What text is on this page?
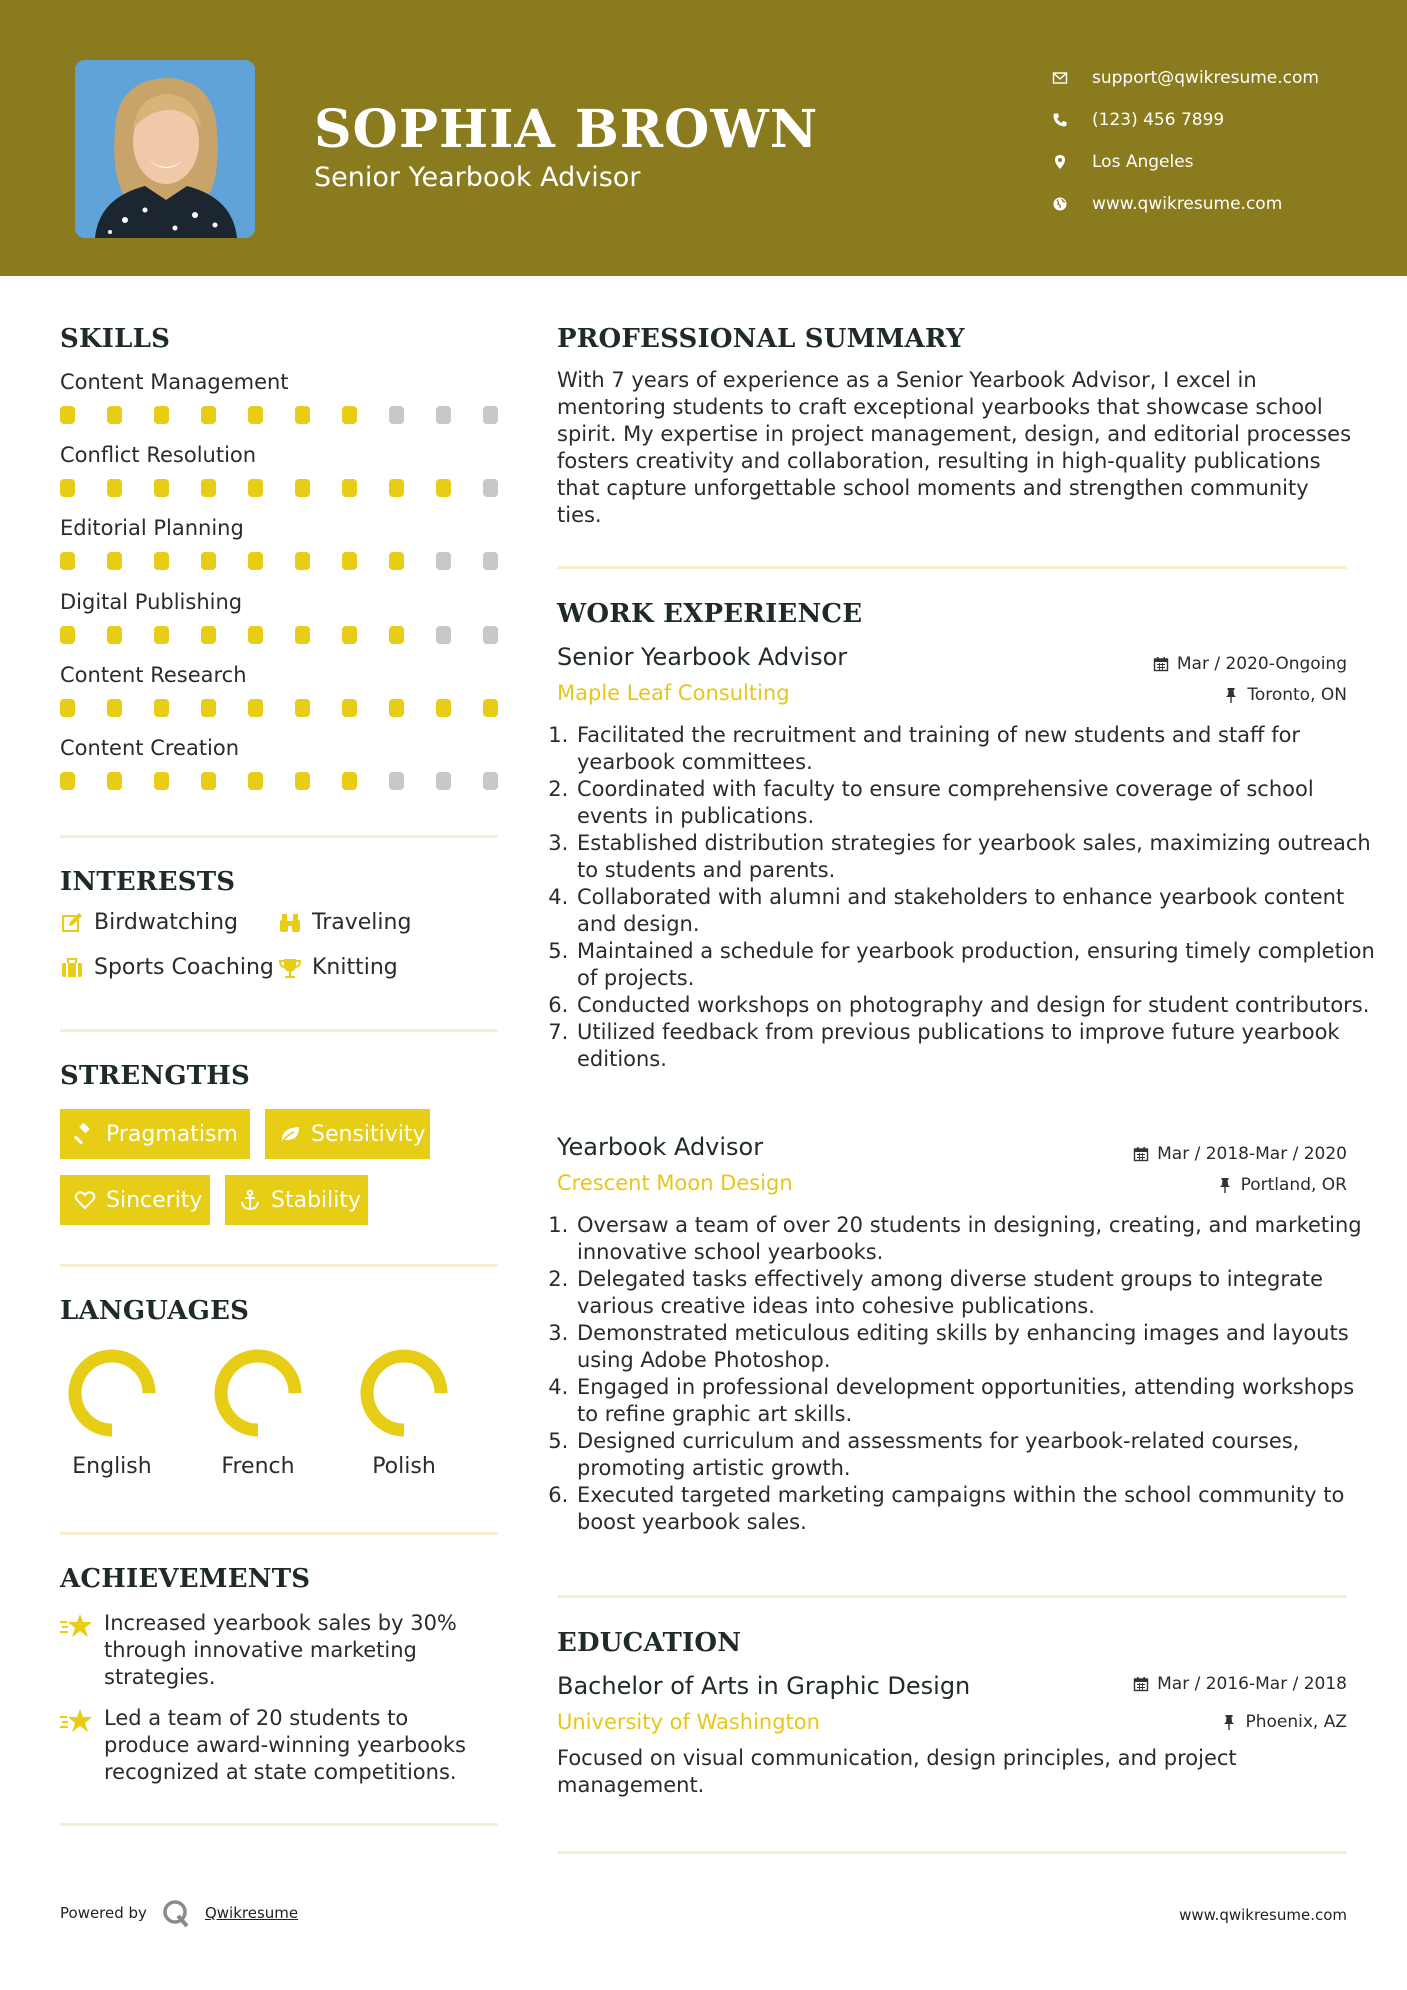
SOPHIA BROWN

Senior Yearbook Advisor

support@qwikresume.com
(123) 456 7899
Los Angeles
www.qwikresume.com
SKILLS
Content Management
Conflict Resolution
Editorial Planning
Digital Publishing
Content Research
Content Creation
INTERESTS
Birdwatching	Traveling
Sports Coaching Knitting
STRENGTHS
Pragmatism	Sensitivity
Sincerity	Stability
LANGUAGES
English	French	Polish
ACHIEVEMENTS
Increased yearbook sales by 30% through innovative marketing strategies.
Led a team of 20 students to produce award-winning yearbooks recognized at state competitions.
PROFESSIONAL SUMMARY

With 7 years of experience as a Senior Yearbook Advisor, I excel in mentoring students to craft exceptional yearbooks that showcase school spirit. My expertise in project management, design, and editorial processes fosters creativity and collaboration, resulting in high-quality publications that capture unforgettable school moments and strengthen community ties.

WORK EXPERIENCE
Senior Yearbook Advisor	Mar / 2020-Ongoing
Maple Leaf Consulting	Toronto, ON
1. Facilitated the recruitment and training of new students and staff for yearbook committees.
2. Coordinated with faculty to ensure comprehensive coverage of school events in publications.
3. Established distribution strategies for yearbook sales, maximizing outreach to students and parents.
4. Collaborated with alumni and stakeholders to enhance yearbook content and design.
5. Maintained a schedule for yearbook production, ensuring timely completion of projects.
6. Conducted workshops on photography and design for student contributors.
7. Utilized feedback from previous publications to improve future yearbook editions.
Yearbook Advisor	Mar / 2018-Mar / 2020
Crescent Moon Design	Portland, OR
1. Oversaw a team of over 20 students in designing, creating, and marketing innovative school yearbooks.
2. Delegated tasks effectively among diverse student groups to integrate various creative ideas into cohesive publications.
3. Demonstrated meticulous editing skills by enhancing images and layouts using Adobe Photoshop.
4. Engaged in professional development opportunities, attending workshops to refine graphic art skills.
5. Designed curriculum and assessments for yearbook-related courses, promoting artistic growth.
6. Executed targeted marketing campaigns within the school community to boost yearbook sales.
EDUCATION
Bachelor of Arts in Graphic Design	Mar / 2016-Mar / 2018
University of Washington	Phoenix, AZ

Focused on visual communication, design principles, and project management.

Powered by	Qwikresume	www.qwikresume.com
